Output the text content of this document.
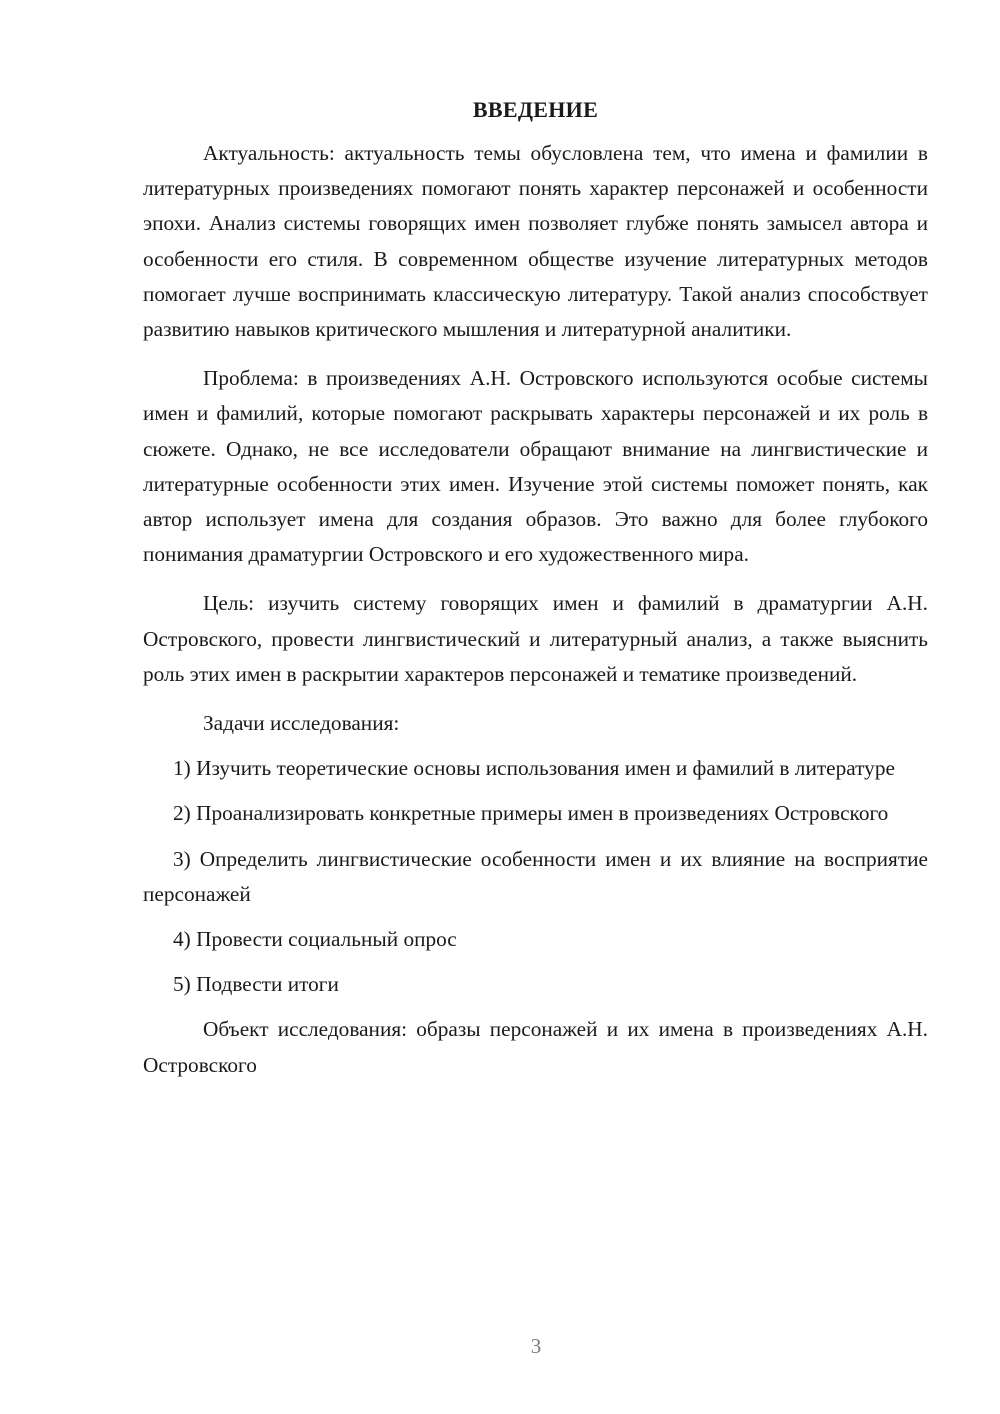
ВВЕДЕНИЕ

Актуальность: актуальность темы обусловлена тем, что имена и фамилии в литературных произведениях помогают понять характер персонажей и особенности эпохи. Анализ системы говорящих имен позволяет глубже понять замысел автора и особенности его стиля. В современном обществе изучение литературных методов помогает лучше воспринимать классическую литературу. Такой анализ способствует развитию навыков критического мышления и литературной аналитики.

Проблема: в произведениях А.Н. Островского используются особые системы имен и фамилий, которые помогают раскрывать характеры персонажей и их роль в сюжете. Однако, не все исследователи обращают внимание на лингвистические и литературные особенности этих имен. Изучение этой системы поможет понять, как автор использует имена для создания образов. Это важно для более глубокого понимания драматургии Островского и его художественного мира.

Цель: изучить систему говорящих имен и фамилий в драматургии А.Н. Островского, провести лингвистический и литературный анализ, а также выяснить роль этих имен в раскрытии характеров персонажей и тематике произведений.

Задачи исследования:

1) Изучить теоретические основы использования имен и фамилий в литературе

2) Проанализировать конкретные примеры имен в произведениях Островского

3) Определить лингвистические особенности имен и их влияние на восприятие персонажей

4) Провести социальный опрос

5) Подвести итоги

Объект исследования: образы персонажей и их имена в произведениях А.Н. Островского

3
